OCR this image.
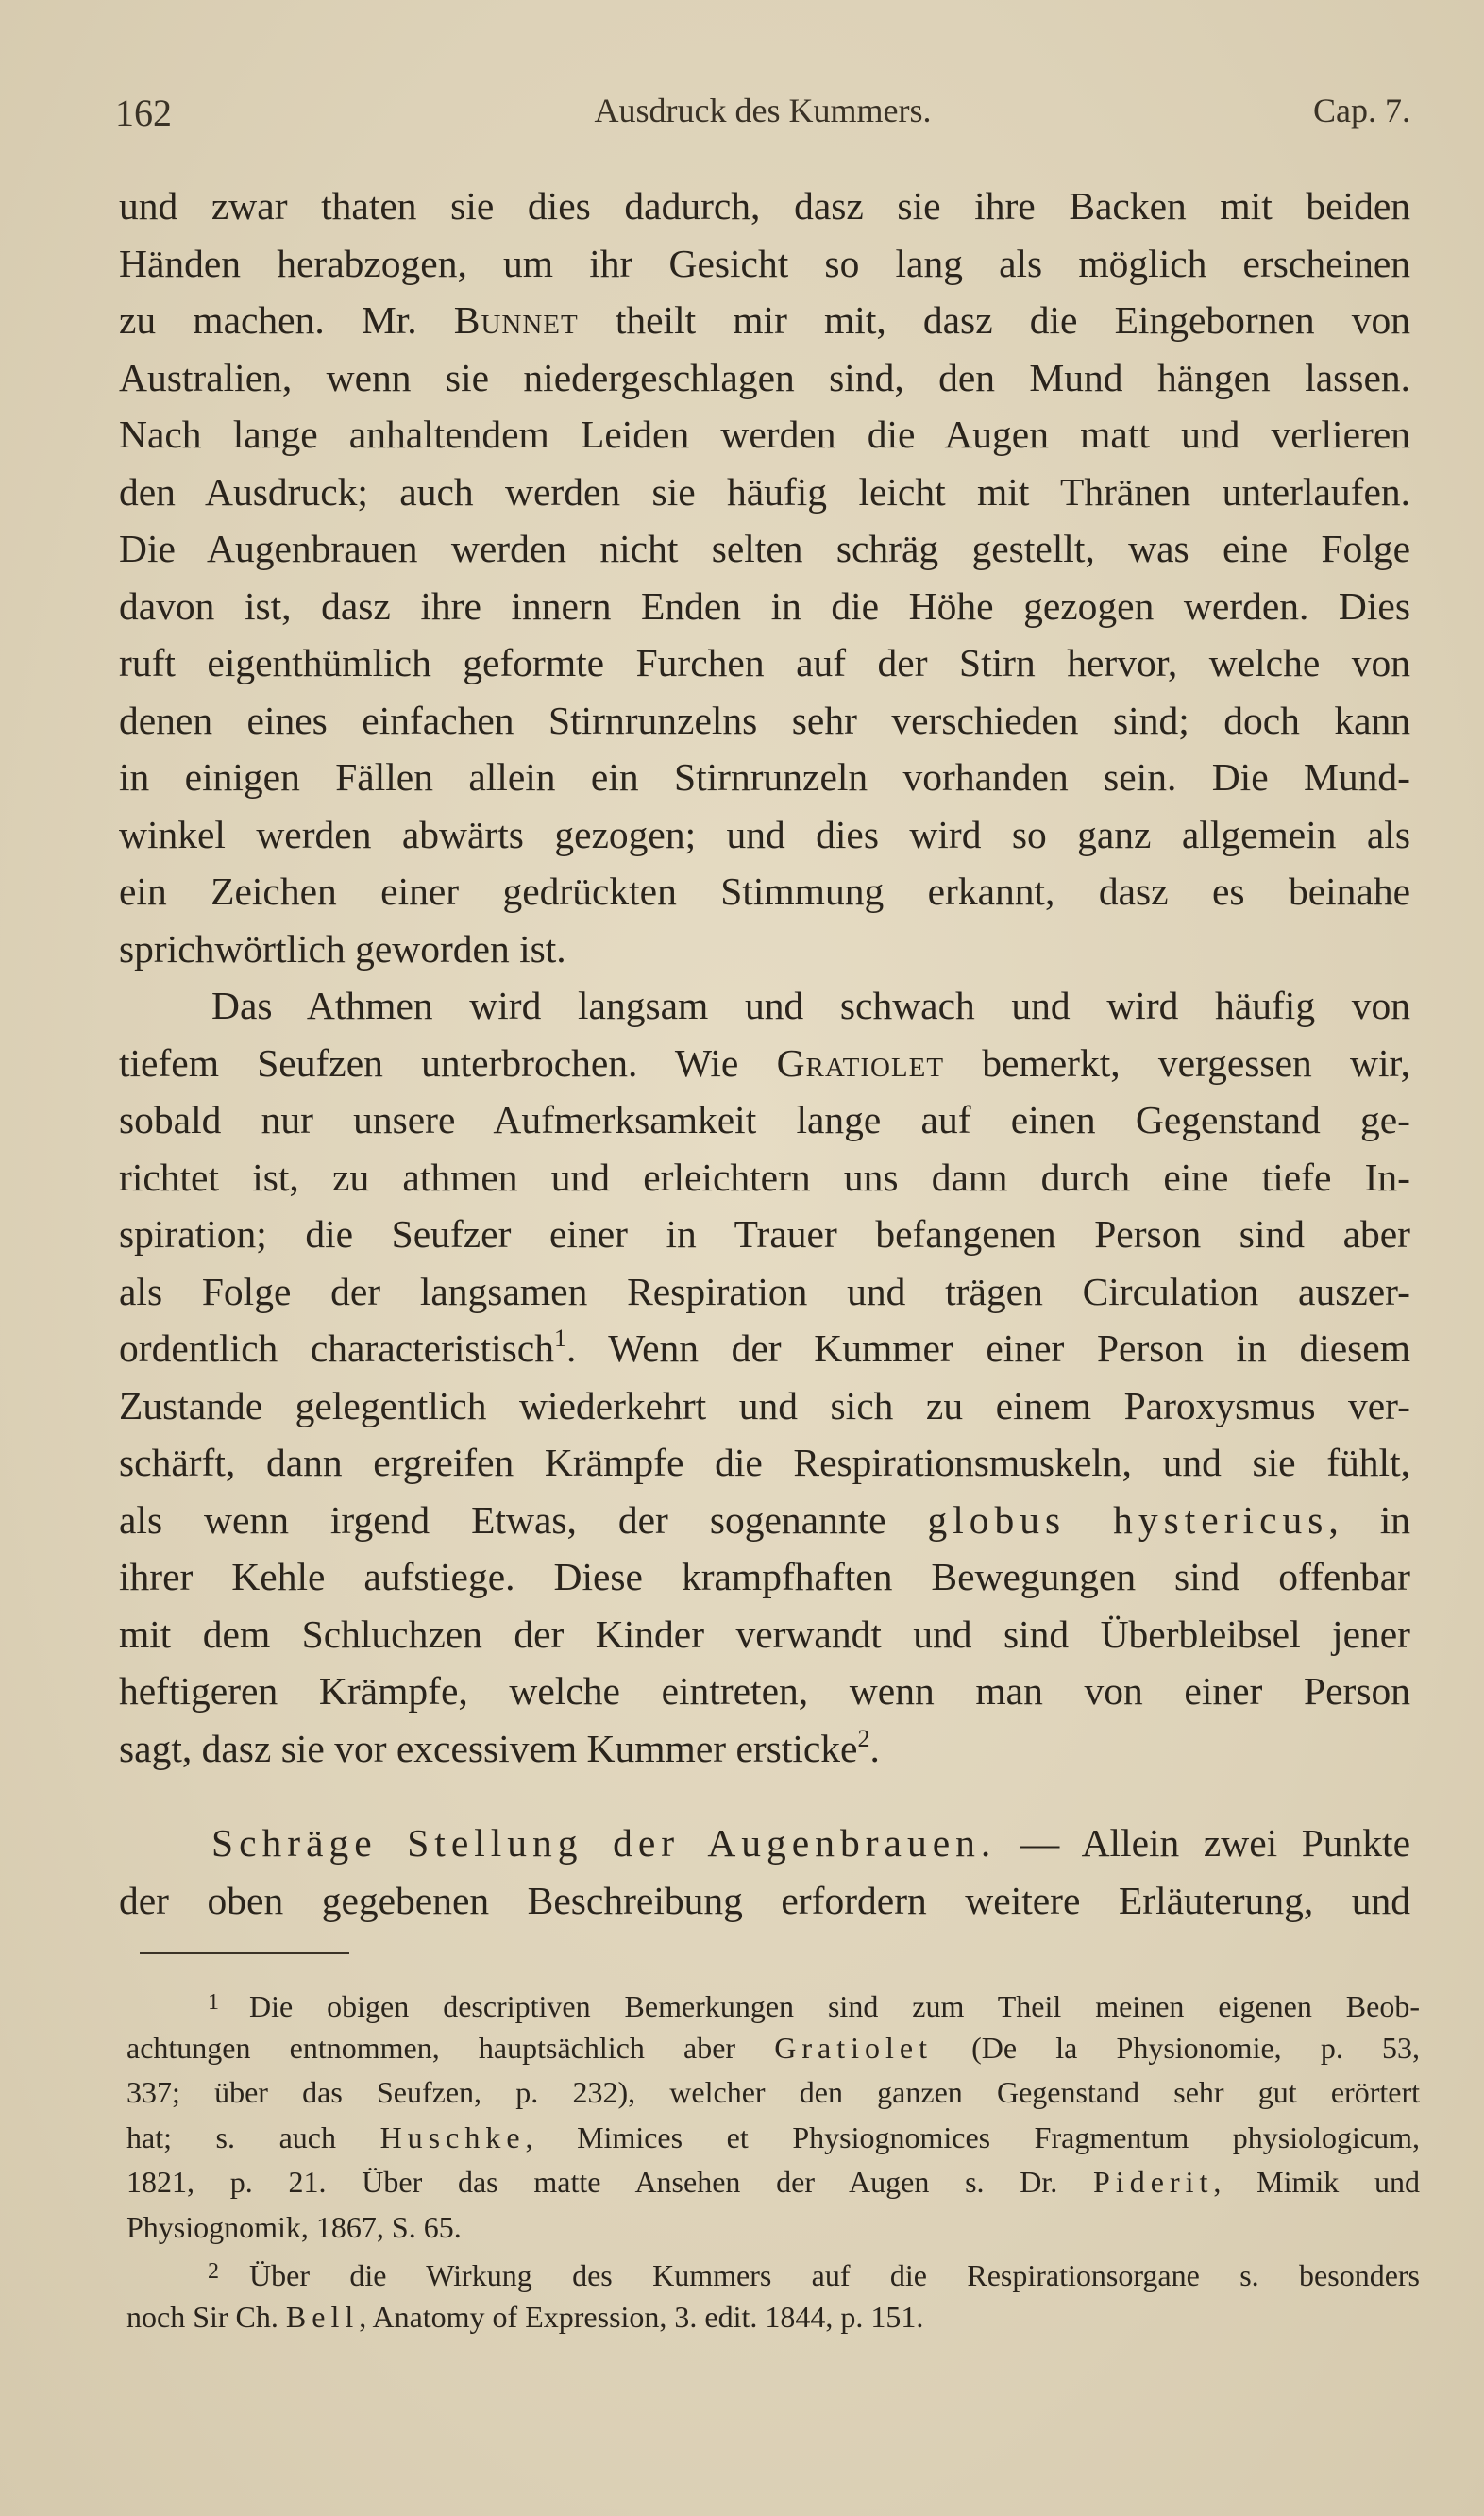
162	Ausdruck des Kummers.	Cap. 7.
und zwar thaten sie dies dadurch, dasz sie ihre Backen mit beiden
Händen herabzogen, um ihr Gesicht so lang als möglich erscheinen
zu machen. Mr. Bunnet theilt mir mit, dasz die Eingebornen von
Australien, wenn sie niedergeschlagen sind, den Mund hängen lassen.
Nach lange anhaltendem Leiden werden die Augen matt und verlieren
den Ausdruck; auch werden sie häufig leicht mit Thränen unterlaufen.
Die Augenbrauen werden nicht selten schräg gestellt, was eine Folge
davon ist, dasz ihre innern Enden in die Höhe gezogen werden. Dies
ruft eigenthümlich geformte Furchen auf der Stirn hervor, welche von
denen eines einfachen Stirnrunzelns sehr verschieden sind; doch kann
in einigen Fällen allein ein Stirnrunzeln vorhanden sein. Die Mund-
winkel werden abwärts gezogen; und dies wird so ganz allgemein als
ein Zeichen einer gedrückten Stimmung erkannt, dasz es beinahe
sprichwörtlich geworden ist.
Das Athmen wird langsam und schwach und wird häufig von
tiefem Seufzen unterbrochen. Wie Gratiolet bemerkt, vergessen wir,
sobald nur unsere Aufmerksamkeit lange auf einen Gegenstand ge-
richtet ist, zu athmen und erleichtern uns dann durch eine tiefe In-
spiration; die Seufzer einer in Trauer befangenen Person sind aber
als Folge der langsamen Respiration und trägen Circulation auszer-
ordentlich characteristisch$^1$. Wenn der Kummer einer Person in diesem
Zustande gelegentlich wiederkehrt und sich zu einem Paroxysmus ver-
schärft, dann ergreifen Krämpfe die Respirationsmuskeln, und sie fühlt,
als wenn irgend Etwas, der sogenannte globus hystericus, in
ihrer Kehle aufstiege. Diese krampfhaften Bewegungen sind offenbar
mit dem Schluchzen der Kinder verwandt und sind Überbleibsel jener
heftigeren Krämpfe, welche eintreten, wenn man von einer Person
sagt, dasz sie vor excessivem Kummer ersticke$^2$.
Schräge Stellung der Augenbrauen. — Allein zwei Punkte
der oben gegebenen Beschreibung erfordern weitere Erläuterung, und
1 Die obigen descriptiven Bemerkungen sind zum Theil meinen eigenen Beob-
achtungen entnommen, hauptsächlich aber Gratiolet (De la Physionomie, p. 53,
337; über das Seufzen, p. 232), welcher den ganzen Gegenstand sehr gut erörtert
hat; s. auch Huschke, Mimices et Physiognomices Fragmentum physiologicum,
1821, p. 21. Über das matte Ansehen der Augen s. Dr. Piderit, Mimik und
Physiognomik, 1867, S. 65.
2 Über die Wirkung des Kummers auf die Respirationsorgane s. besonders
noch Sir Ch. Bell, Anatomy of Expression, 3. edit. 1844, p. 151.
